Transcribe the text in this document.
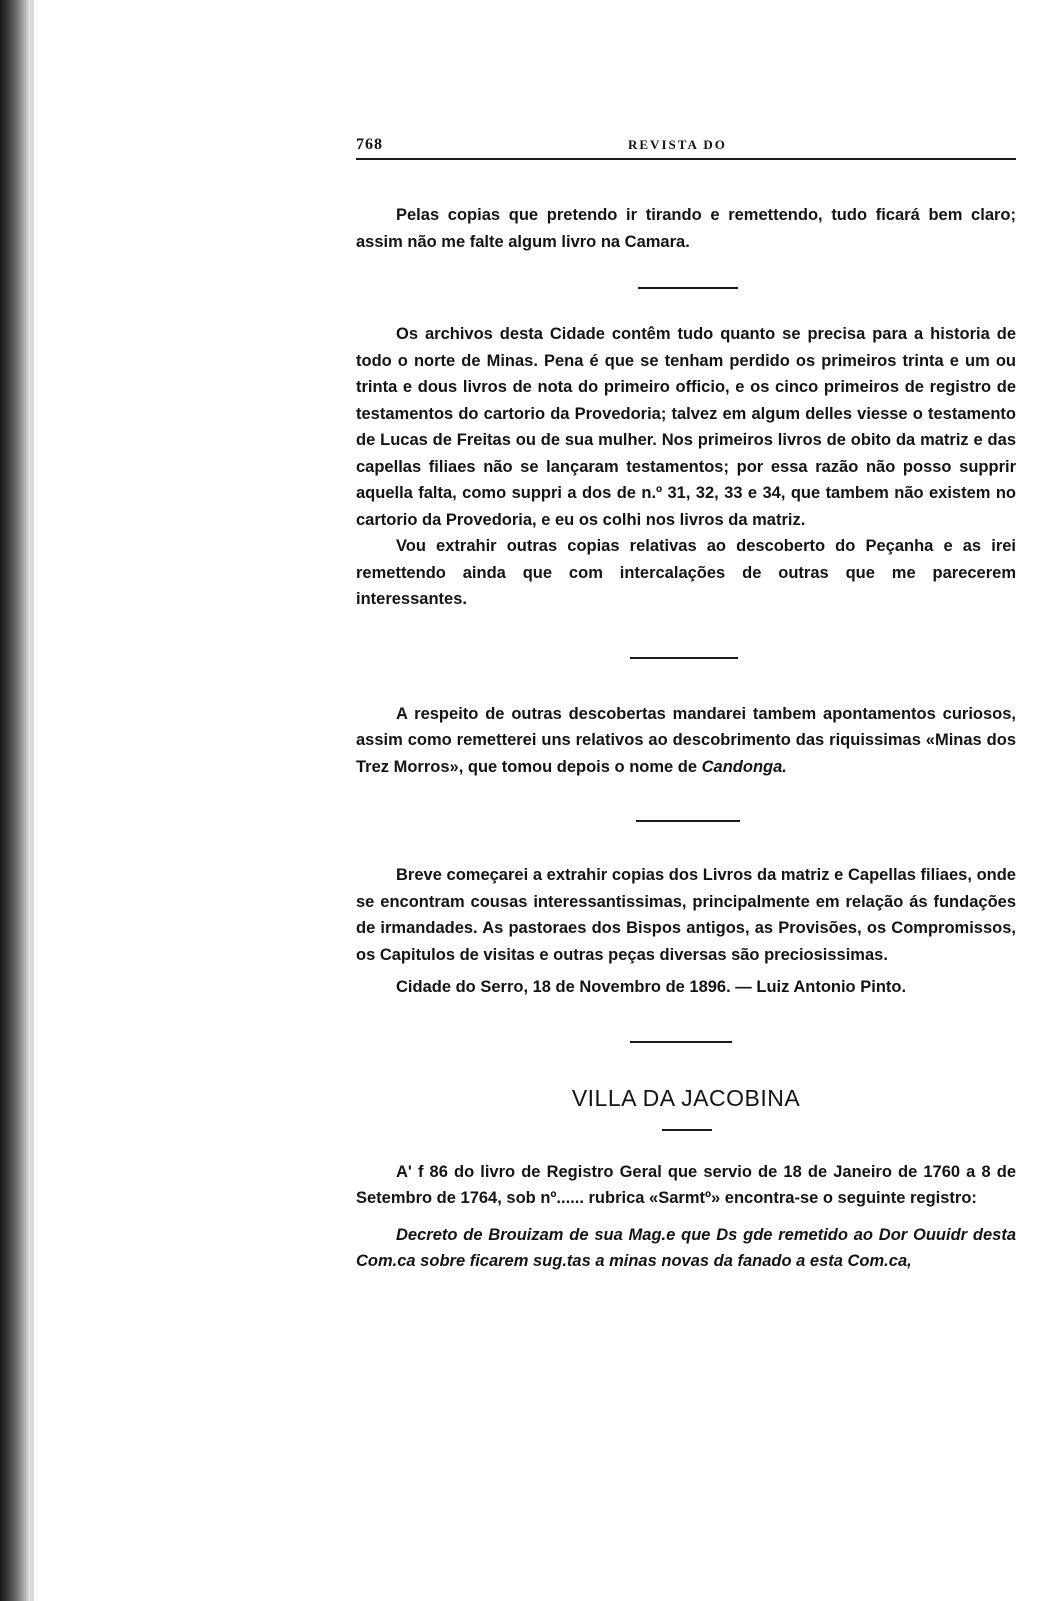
768	REVISTA DO

Pelas copias que pretendo ir tirando e remettendo, tudo ficará bem claro; assim não me falte algum livro na Camara.

Os archivos desta Cidade contêm tudo quanto se precisa para a historia de todo o norte de Minas. Pena é que se tenham perdido os primeiros trinta e um ou trinta e dous livros de nota do primeiro officio, e os cinco primeiros de registro de testamentos do cartorio da Provedoria; talvez em algum delles viesse o testamento de Lucas de Freitas ou de sua mulher. Nos primeiros livros de obito da matriz e das capellas filiaes não se lançaram testamentos; por essa razão não posso supprir aquella falta, como suppri a dos de n.º 31, 32, 33 e 34, que tambem não existem no cartorio da Provedoria, e eu os colhi nos livros da matriz.

Vou extrahir outras copias relativas ao descoberto do Peçanha e as irei remettendo ainda que com intercalações de outras que me parecerem interessantes.

A respeito de outras descobertas mandarei tambem apontamentos curiosos, assim como remetterei uns relativos ao descobrimento das riquissimas «Minas dos Trez Morros», que tomou depois o nome de Candonga.

Breve começarei a extrahir copias dos Livros da matriz e Capellas filiaes, onde se encontram cousas interessantissimas, principalmente em relação ás fundações de irmandades. As pastoraes dos Bispos antigos, as Provisões, os Compromissos, os Capitulos de visitas e outras peças diversas são preciosissimas.

Cidade do Serro, 18 de Novembro de 1896. — Luiz Antonio Pinto.

VILLA DA JACOBINA

A' f 86 do livro de Registro Geral que servio de 18 de Janeiro de 1760 a 8 de Setembro de 1764, sob nº...... rubrica «Sarmtº» encontra-se o seguinte registro:

Decreto de Brouizam de sua Mag.e que Ds gde remetido ao Dor Ouuidr desta Com.ca sobre ficarem sug.tas a minas novas da fanado a esta Com.ca,
